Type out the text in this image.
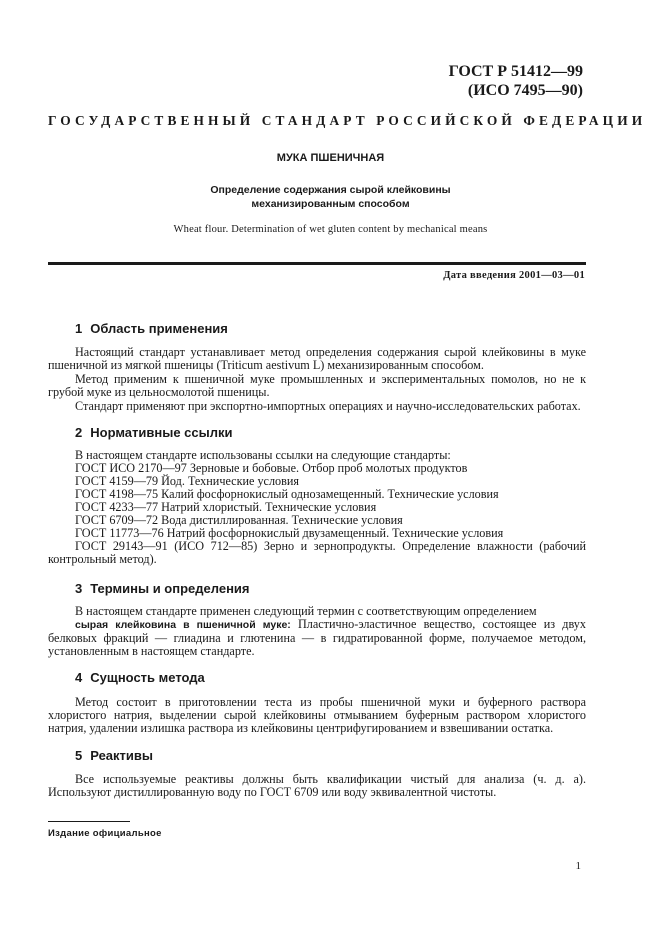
ГОСТ Р 51412—99
(ИСО 7495—90)
ГОСУДАРСТВЕННЫЙ СТАНДАРТ РОССИЙСКОЙ ФЕДЕРАЦИИ
МУКА ПШЕНИЧНАЯ
Определение содержания сырой клейковины
механизированным способом
Wheat flour. Determination of wet gluten content by mechanical means
Дата введения 2001—03—01
1 Область применения
Настоящий стандарт устанавливает метод определения содержания сырой клейковины в муке пшеничной из мягкой пшеницы (Triticum aestivum L) механизированным способом.
Метод применим к пшеничной муке промышленных и экспериментальных помолов, но не к грубой муке из цельносмолотой пшеницы.
Стандарт применяют при экспортно-импортных операциях и научно-исследовательских работах.
2 Нормативные ссылки
В настоящем стандарте использованы ссылки на следующие стандарты:
ГОСТ ИСО 2170—97 Зерновые и бобовые. Отбор проб молотых продуктов
ГОСТ 4159—79 Йод. Технические условия
ГОСТ 4198—75 Калий фосфорнокислый однозамещенный. Технические условия
ГОСТ 4233—77 Натрий хлористый. Технические условия
ГОСТ 6709—72 Вода дистиллированная. Технические условия
ГОСТ 11773—76 Натрий фосфорнокислый двузамещенный. Технические условия
ГОСТ 29143—91 (ИСО 712—85) Зерно и зернопродукты. Определение влажности (рабочий контрольный метод).
3 Термины и определения
В настоящем стандарте применен следующий термин с соответствующим определением
сырая клейковина в пшеничной муке: Пластично-эластичное вещество, состоящее из двух белковых фракций — глиадина и глютенина — в гидратированной форме, получаемое методом, установленным в настоящем стандарте.
4 Сущность метода
Метод состоит в приготовлении теста из пробы пшеничной муки и буферного раствора хлористого натрия, выделении сырой клейковины отмыванием буферным раствором хлористого натрия, удалении излишка раствора из клейковины центрифугированием и взвешивании остатка.
5 Реактивы
Все используемые реактивы должны быть квалификации чистый для анализа (ч. д. а). Используют дистиллированную воду по ГОСТ 6709 или воду эквивалентной чистоты.
Издание официальное
1
